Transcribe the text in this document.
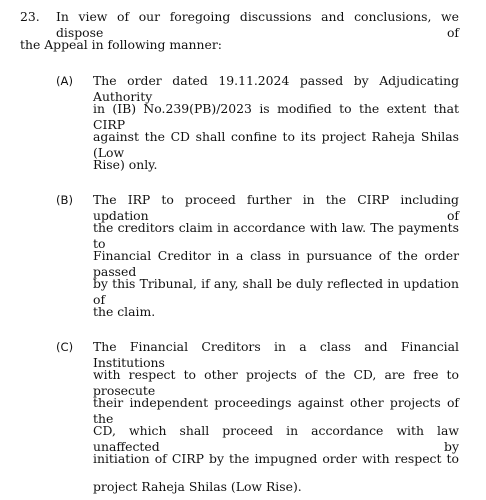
23. In view of our foregoing discussions and conclusions, we dispose of
the Appeal in following manner:
(A) The order dated 19.11.2024 passed by Adjudicating Authority
in (IB) No.239(PB)/2023 is modified to the extent that CIRP
against the CD shall confine to its project Raheja Shilas (Low
Rise) only.
(B) The IRP to proceed further in the CIRP including updation of
the creditors claim in accordance with law. The payments to
Financial Creditor in a class in pursuance of the order passed
by this Tribunal, if any, shall be duly reflected in updation of
the claim.
(C) The Financial Creditors in a class and Financial Institutions
with respect to other projects of the CD, are free to prosecute
their independent proceedings against other projects of the
CD, which shall proceed in accordance with law unaffected by
initiation of CIRP by the impugned order with respect to
project Raheja Shilas (Low Rise).
